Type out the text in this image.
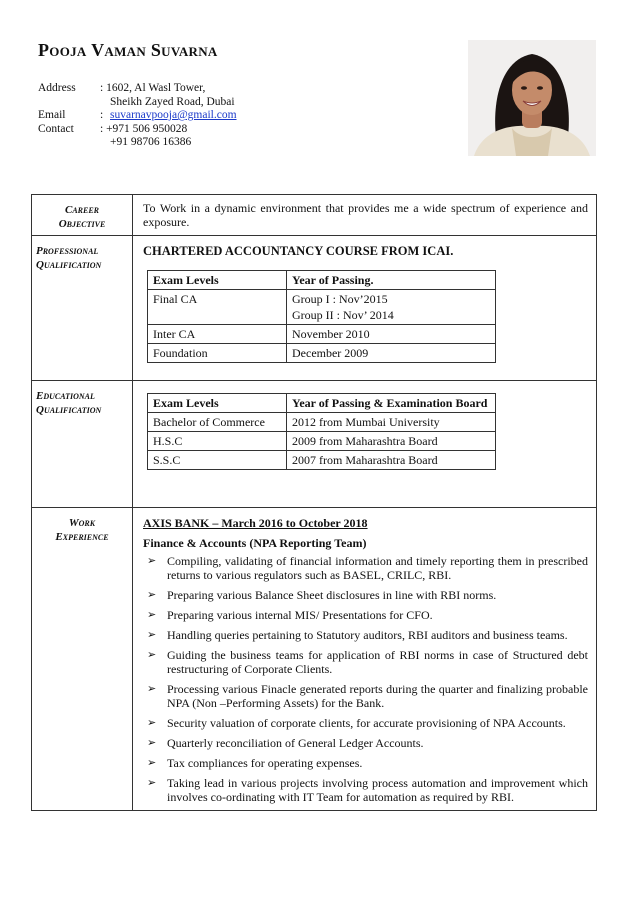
Pooja Vaman Suvarna
Address	: 1602, Al Wasl Tower,
Sheikh Zayed Road, Dubai
Email	: suvarnavpooja@gmail.com
Contact	: +971 506 950028
+91 98706 16386
Career
Objective

To Work in a dynamic environment that provides me a wide spectrum of experience and exposure.

Professional
Qualification

CHARTERED ACCOUNTANCY COURSE FROM ICAI.
Exam Levels	Year of Passing.
Final CA	Group I : Nov’2015
Group II : Nov’ 2014

Inter CA	November 2010
Foundation	December 2009

Educational
Qualification
		Exam Levels	Year of Passing & Examination Board
Bachelor of Commerce	2012 from Mumbai University
H.S.C	2009 from Maharashtra Board
S.S.C	2007 from Maharashtra Board

Work
Experience

AXIS BANK – March 2016 to October 2018
Finance & Accounts (NPA Reporting Team)
➢ Compiling, validating of financial information and timely reporting them in prescribed returns to various regulators such as BASEL, CRILC, RBI.
➢ Preparing various Balance Sheet disclosures in line with RBI norms.
➢ Preparing various internal MIS/ Presentations for CFO.
➢ Handling queries pertaining to Statutory auditors, RBI auditors and business teams.
➢ Guiding the business teams for application of RBI norms in case of Structured debt restructuring of Corporate Clients.
➢ Processing various Finacle generated reports during the quarter and finalizing probable NPA (Non –Performing Assets) for the Bank.
➢ Security valuation of corporate clients, for accurate provisioning of NPA Accounts.
➢ Quarterly reconciliation of General Ledger Accounts.
➢ Tax compliances for operating expenses.
➢ Taking lead in various projects involving process automation and improvement which involves co-ordinating with IT Team for automation as required by RBI.
